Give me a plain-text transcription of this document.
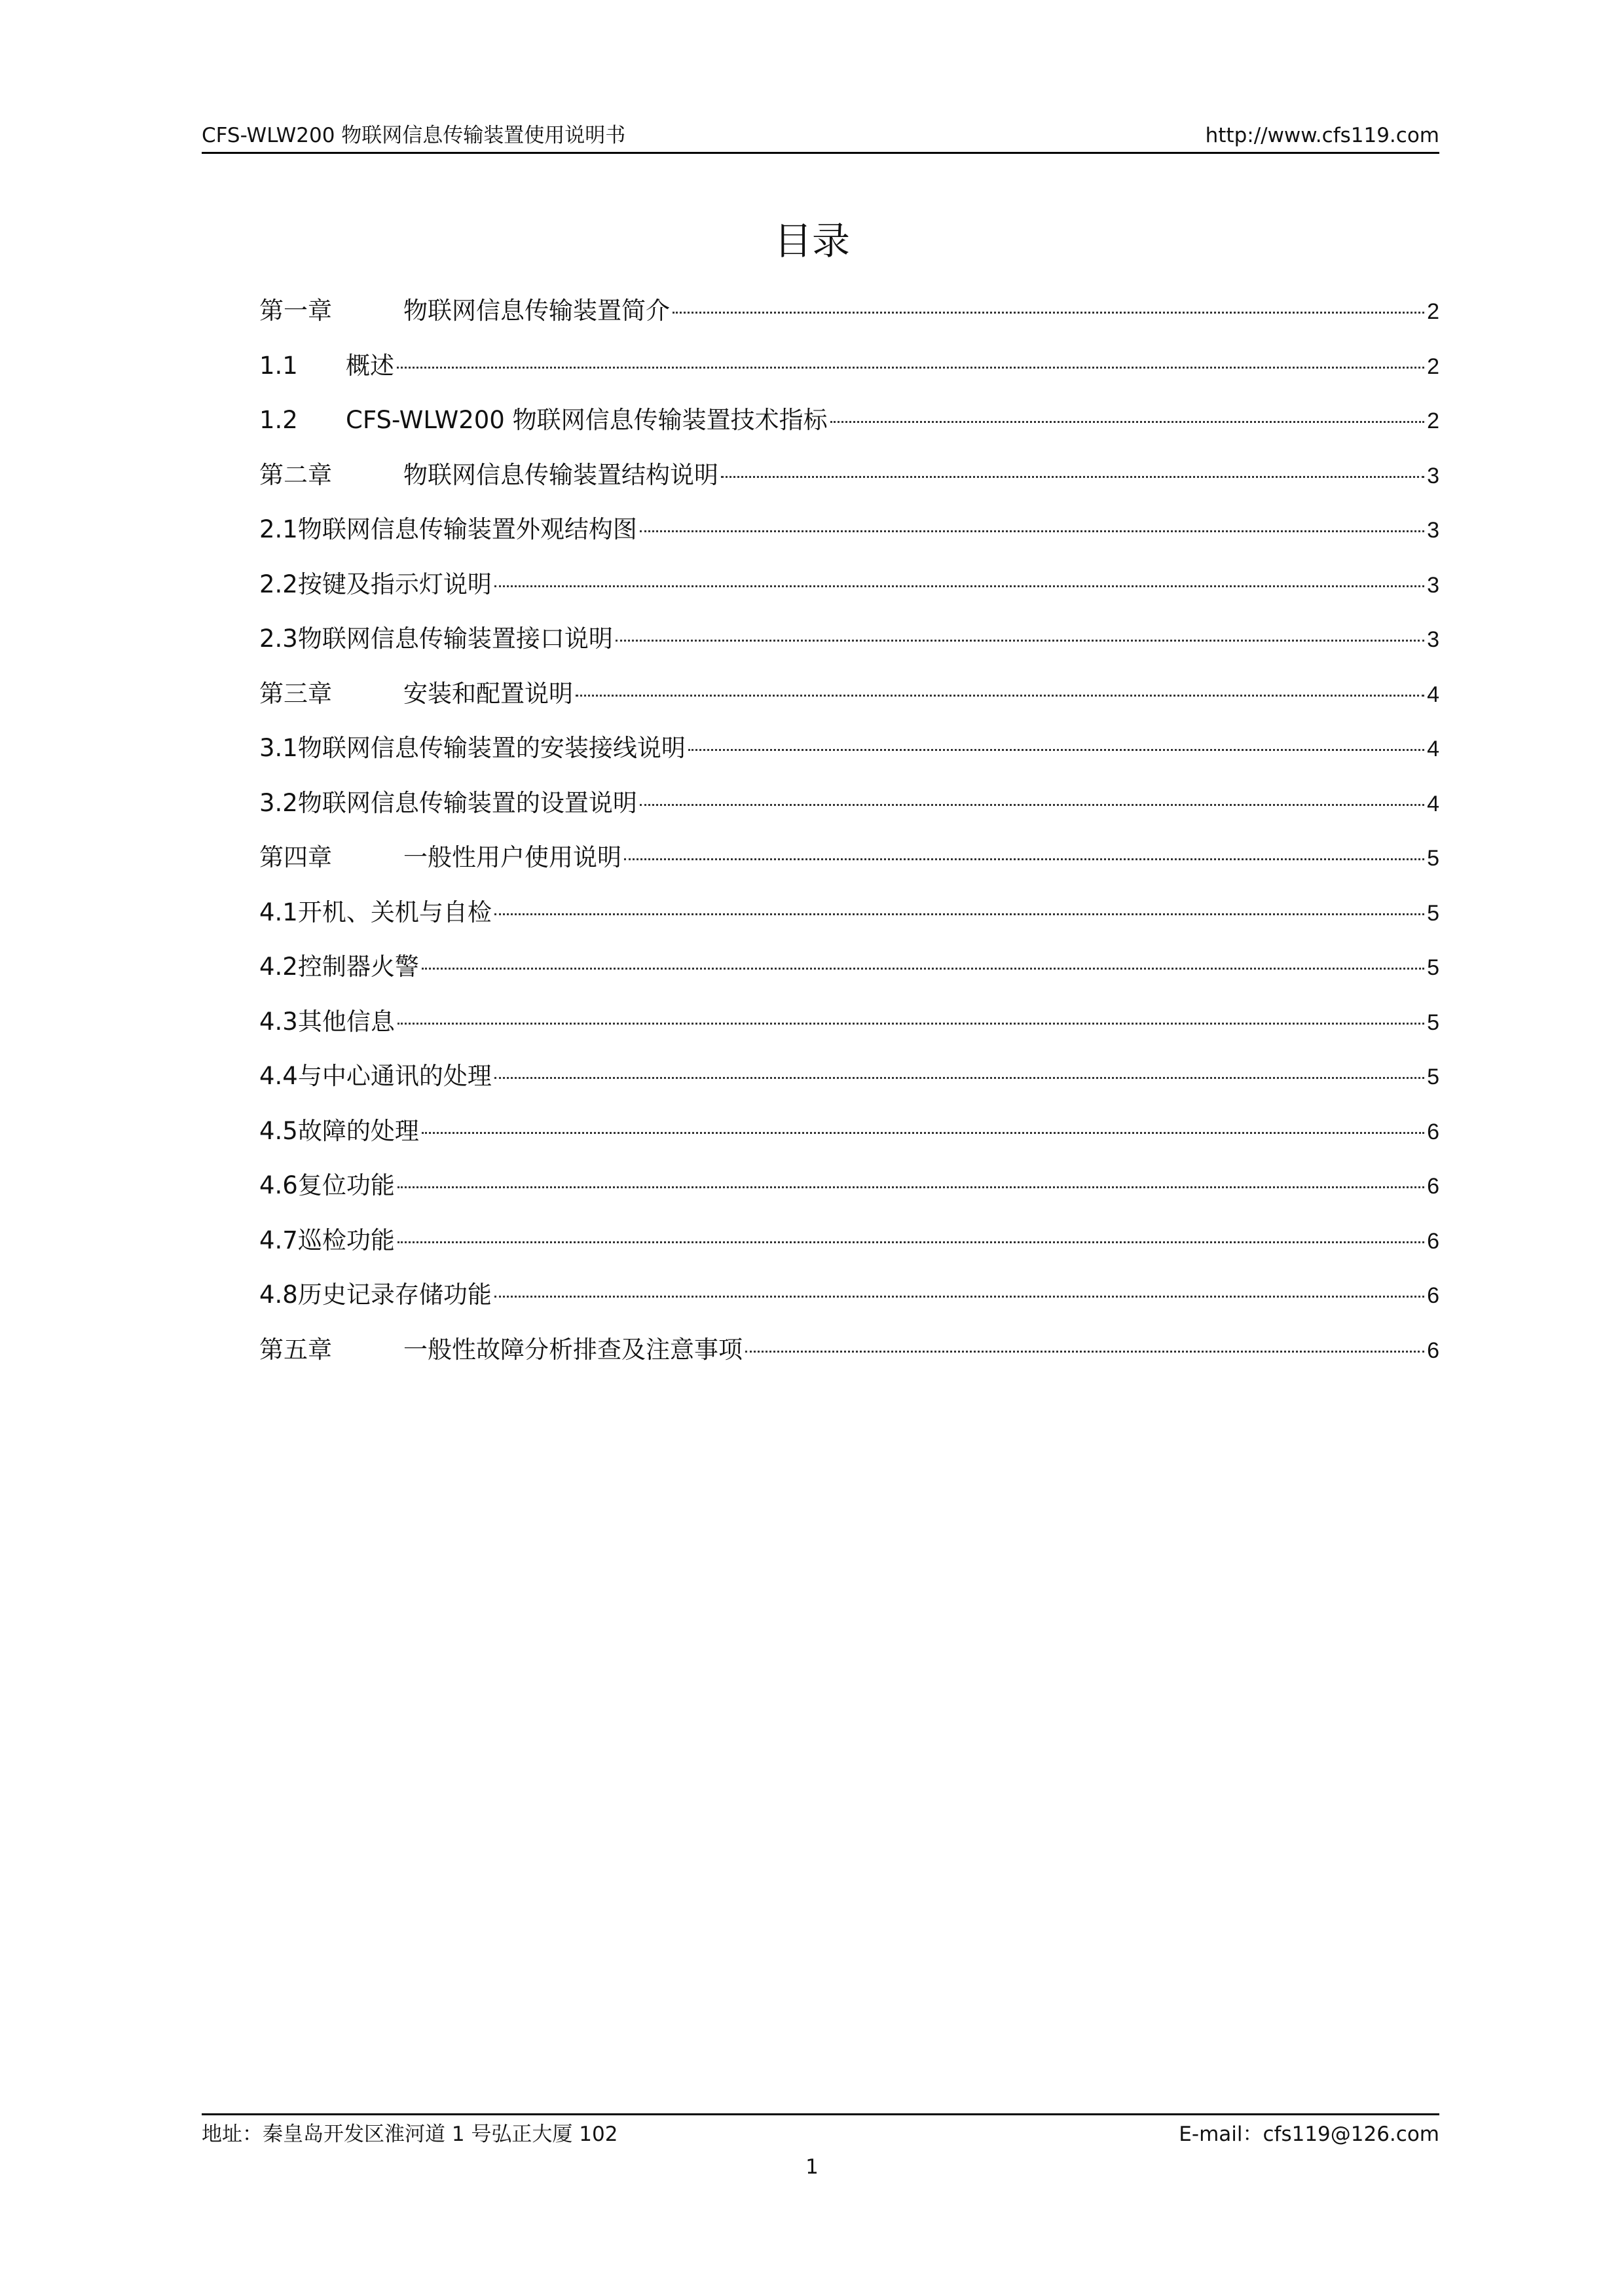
CFS-WLW200 物联网信息传输装置使用说明书	http://www.cfs119.com
目录
第一章	物联网信息传输装置简介	2
1.1	概述	2
1.2	CFS-WLW200 物联网信息传输装置技术指标	2
第二章	物联网信息传输装置结构说明	3
2.1 物联网信息传输装置外观结构图	3
2.2 按键及指示灯说明	3
2.3 物联网信息传输装置接口说明	3
第三章	安装和配置说明	4
3.1 物联网信息传输装置的安装接线说明	4
3.2 物联网信息传输装置的设置说明	4
第四章	一般性用户使用说明	5
4.1 开机、关机与自检	5
4.2 控制器火警	5
4.3 其他信息	5
4.4 与中心通讯的处理	5
4.5 故障的处理	6
4.6 复位功能	6
4.7 巡检功能	6
4.8 历史记录存储功能	6
第五章	一般性故障分析排查及注意事项	6
地址：秦皇岛开发区淮河道 1 号弘正大厦 102	E-mail：cfs119@126.com
1
